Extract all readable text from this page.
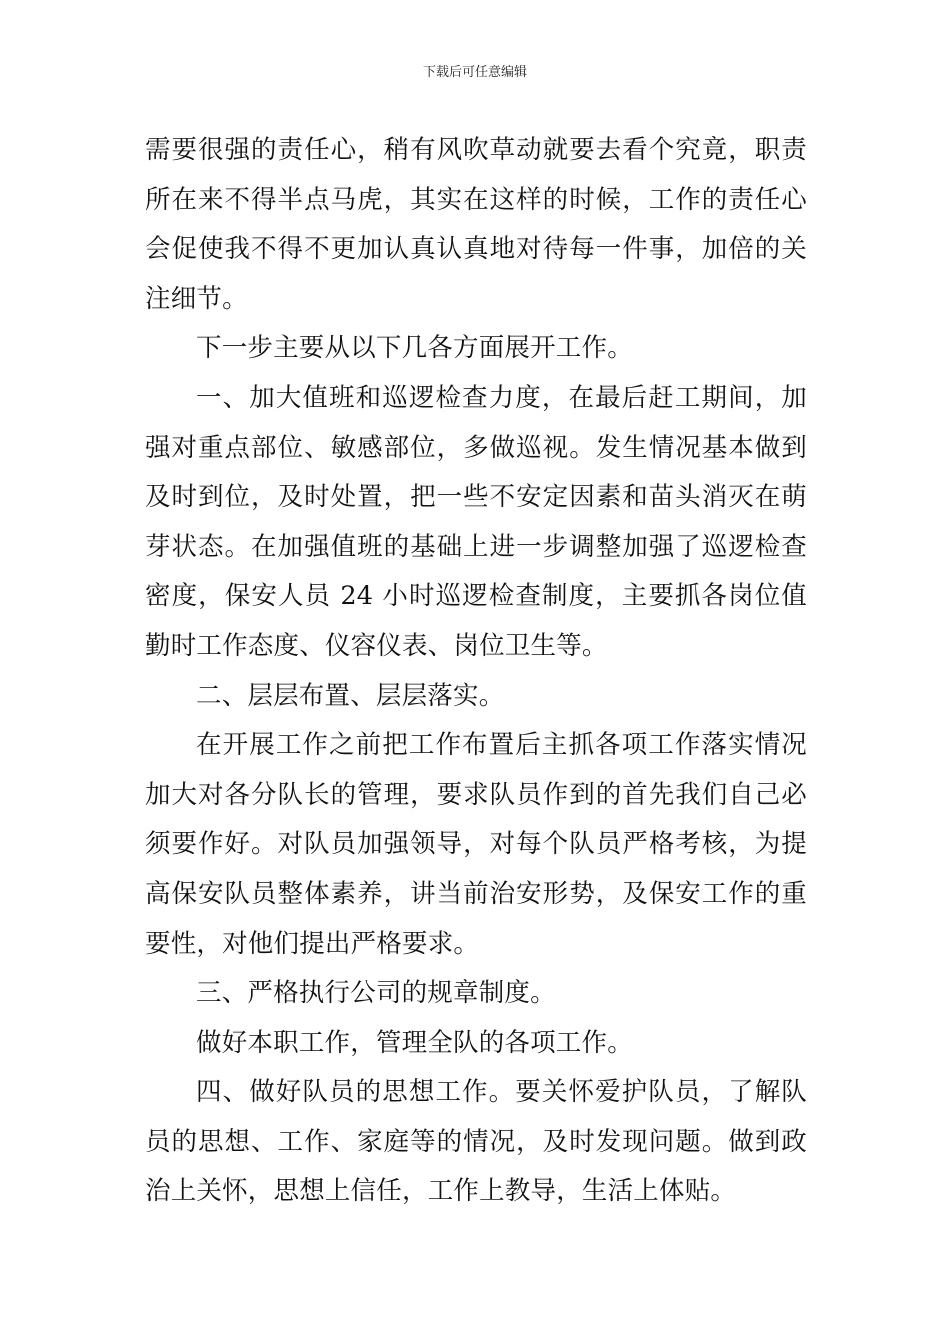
下载后可任意编辑

需要很强的责任心，稍有风吹草动就要去看个究竟，职责所在来不得半点马虎，其实在这样的时候，工作的责任心会促使我不得不更加认真认真地对待每一件事，加倍的关注细节。

下一步主要从以下几各方面展开工作。

一、加大值班和巡逻检查力度，在最后赶工期间，加强对重点部位、敏感部位，多做巡视。发生情况基本做到及时到位，及时处置，把一些不安定因素和苗头消灭在萌芽状态。在加强值班的基础上进一步调整加强了巡逻检查密度，保安人员 24 小时巡逻检查制度，主要抓各岗位值勤时工作态度、仪容仪表、岗位卫生等。

二、层层布置、层层落实。

在开展工作之前把工作布置后主抓各项工作落实情况加大对各分队长的管理，要求队员作到的首先我们自己必须要作好。对队员加强领导，对每个队员严格考核，为提高保安队员整体素养，讲当前治安形势，及保安工作的重要性，对他们提出严格要求。

三、严格执行公司的规章制度。

做好本职工作，管理全队的各项工作。

四、做好队员的思想工作。要关怀爱护队员，了解队员的思想、工作、家庭等的情况，及时发现问题。做到政治上关怀，思想上信任，工作上教导，生活上体贴。
